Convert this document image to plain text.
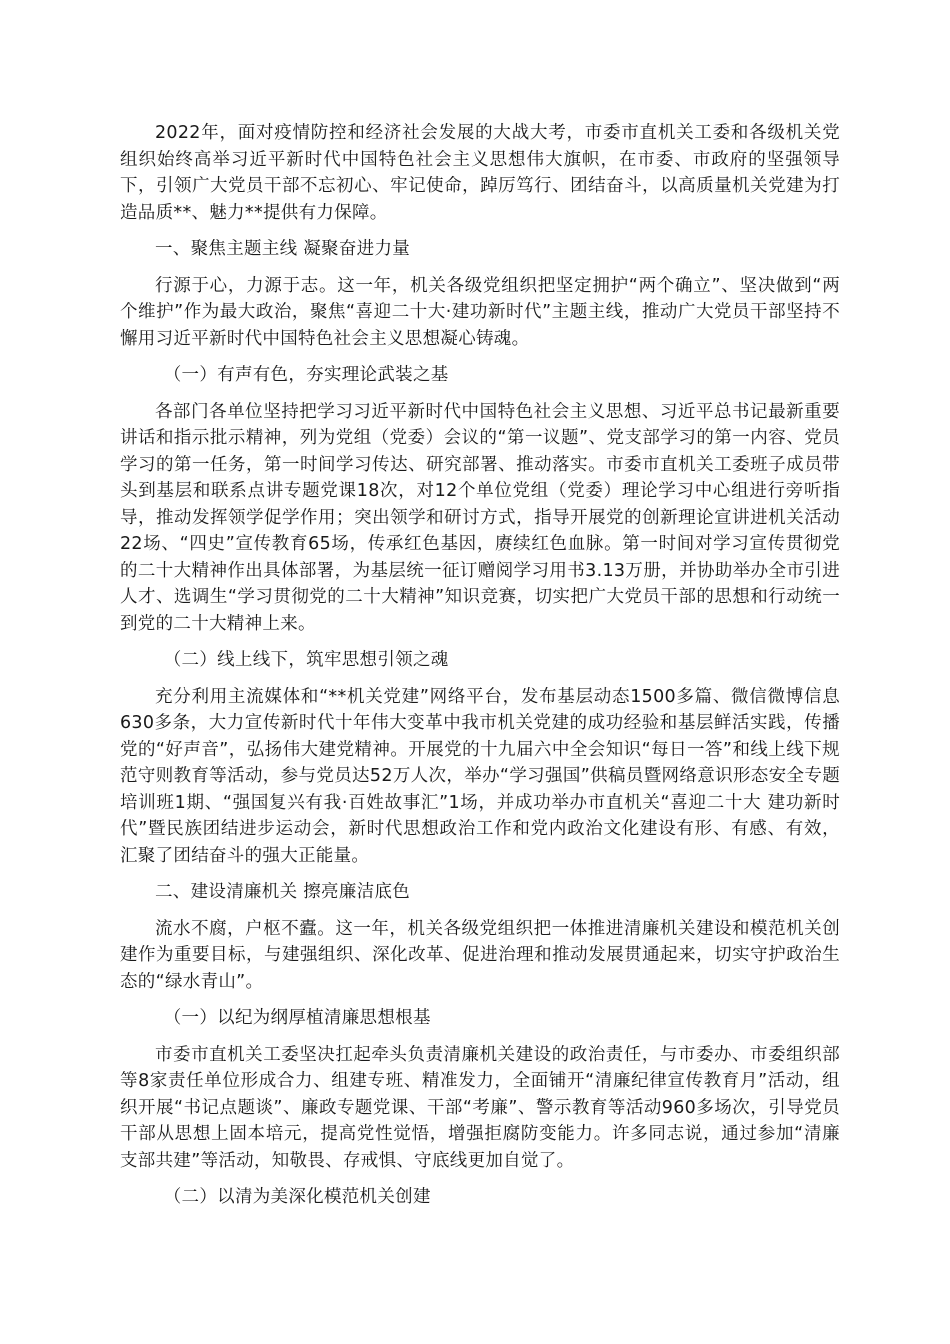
2022年，面对疫情防控和经济社会发展的大战大考，市委市直机关工委和各级机关党组织始终高举习近平新时代中国特色社会主义思想伟大旗帜，在市委、市政府的坚强领导下，引领广大党员干部不忘初心、牢记使命，踔厉笃行、团结奋斗，以高质量机关党建为打造品质**、魅力**提供有力保障。

一、聚焦主题主线 凝聚奋进力量

行源于心，力源于志。这一年，机关各级党组织把坚定拥护“两个确立”、坚决做到“两个维护”作为最大政治，聚焦“喜迎二十大·建功新时代”主题主线，推动广大党员干部坚持不懈用习近平新时代中国特色社会主义思想凝心铸魂。

（一）有声有色，夯实理论武装之基

各部门各单位坚持把学习习近平新时代中国特色社会主义思想、习近平总书记最新重要讲话和指示批示精神，列为党组（党委）会议的“第一议题”、党支部学习的第一内容、党员学习的第一任务，第一时间学习传达、研究部署、推动落实。市委市直机关工委班子成员带头到基层和联系点讲专题党课18次，对12个单位党组（党委）理论学习中心组进行旁听指导，推动发挥领学促学作用；突出领学和研讨方式，指导开展党的创新理论宣讲进机关活动22场、“四史”宣传教育65场，传承红色基因，赓续红色血脉。第一时间对学习宣传贯彻党的二十大精神作出具体部署，为基层统一征订赠阅学习用书3.13万册，并协助举办全市引进人才、选调生“学习贯彻党的二十大精神”知识竞赛，切实把广大党员干部的思想和行动统一到党的二十大精神上来。

（二）线上线下，筑牢思想引领之魂

充分利用主流媒体和“**机关党建”网络平台，发布基层动态1500多篇、微信微博信息630多条，大力宣传新时代十年伟大变革中我市机关党建的成功经验和基层鲜活实践，传播党的“好声音”，弘扬伟大建党精神。开展党的十九届六中全会知识“每日一答”和线上线下规范守则教育等活动，参与党员达52万人次，举办“学习强国”供稿员暨网络意识形态安全专题培训班1期、“强国复兴有我·百姓故事汇”1场，并成功举办市直机关“喜迎二十大 建功新时代”暨民族团结进步运动会，新时代思想政治工作和党内政治文化建设有形、有感、有效，汇聚了团结奋斗的强大正能量。

二、建设清廉机关 擦亮廉洁底色

流水不腐，户枢不蠹。这一年，机关各级党组织把一体推进清廉机关建设和模范机关创建作为重要目标，与建强组织、深化改革、促进治理和推动发展贯通起来，切实守护政治生态的“绿水青山”。

（一）以纪为纲厚植清廉思想根基

市委市直机关工委坚决扛起牵头负责清廉机关建设的政治责任，与市委办、市委组织部等8家责任单位形成合力、组建专班、精准发力，全面铺开“清廉纪律宣传教育月”活动，组织开展“书记点题谈”、廉政专题党课、干部“考廉”、警示教育等活动960多场次，引导党员干部从思想上固本培元，提高党性觉悟，增强拒腐防变能力。许多同志说，通过参加“清廉支部共建”等活动，知敬畏、存戒惧、守底线更加自觉了。

（二）以清为美深化模范机关创建
